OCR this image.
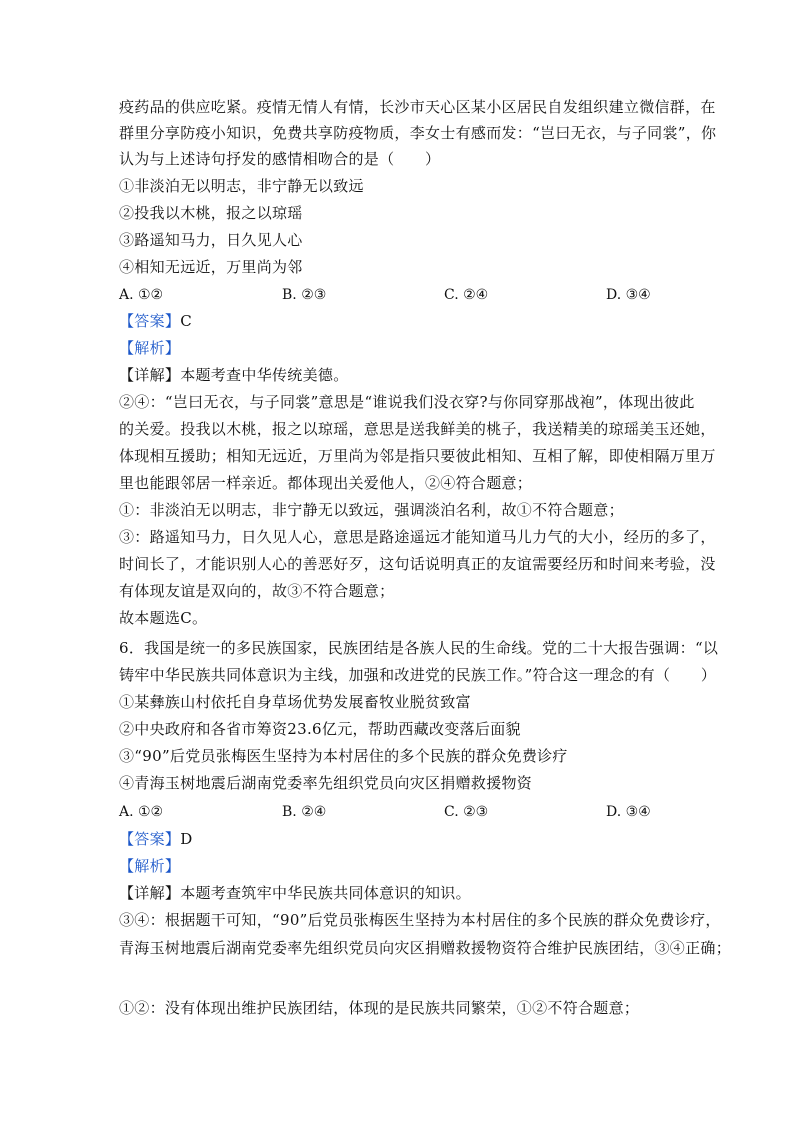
疫药品的供应吃紧。疫情无情人有情，长沙市天心区某小区居民自发组织建立微信群，在
群里分享防疫小知识，免费共享防疫物质，李女士有感而发：“岂曰无衣，与子同裳”，你
认为与上述诗句抒发的感情相吻合的是（　　）
①非淡泊无以明志，非宁静无以致远
②投我以木桃，报之以琼瑶
③路遥知马力，日久见人心
④相知无远近，万里尚为邻
A. ①②	B. ②③	C. ②④	D. ③④
【答案】C
【解析】
【详解】本题考查中华传统美德。
②④：“岂曰无衣，与子同裳”意思是“谁说我们没衣穿?与你同穿那战袍”，体现出彼此
的关爱。投我以木桃，报之以琼瑶，意思是送我鲜美的桃子，我送精美的琼瑶美玉还她，
体现相互援助；相知无远近，万里尚为邻是指只要彼此相知、互相了解，即使相隔万里万
里也能跟邻居一样亲近。都体现出关爱他人，②④符合题意；
①：非淡泊无以明志，非宁静无以致远，强调淡泊名利，故①不符合题意；
③：路遥知马力，日久见人心，意思是路途遥远才能知道马儿力气的大小，经历的多了，
时间长了，才能识别人心的善恶好歹，这句话说明真正的友谊需要经历和时间来考验，没
有体现友谊是双向的，故③不符合题意；
故本题选C。
6．我国是统一的多民族国家，民族团结是各族人民的生命线。党的二十大报告强调：“以
铸牢中华民族共同体意识为主线，加强和改进党的民族工作。”符合这一理念的有（　　）
①某彝族山村依托自身草场优势发展畜牧业脱贫致富
②中央政府和各省市筹资23.6亿元，帮助西藏改变落后面貌
③“90”后党员张梅医生坚持为本村居住的多个民族的群众免费诊疗
④青海玉树地震后湖南党委率先组织党员向灾区捐赠救援物资
A. ①②	B. ②④	C. ②③	D. ③④
【答案】D
【解析】
【详解】本题考查筑牢中华民族共同体意识的知识。
③④：根据题干可知，“90”后党员张梅医生坚持为本村居住的多个民族的群众免费诊疗，
青海玉树地震后湖南党委率先组织党员向灾区捐赠救援物资符合维护民族团结，③④正确；
①②：没有体现出维护民族团结，体现的是民族共同繁荣，①②不符合题意；
